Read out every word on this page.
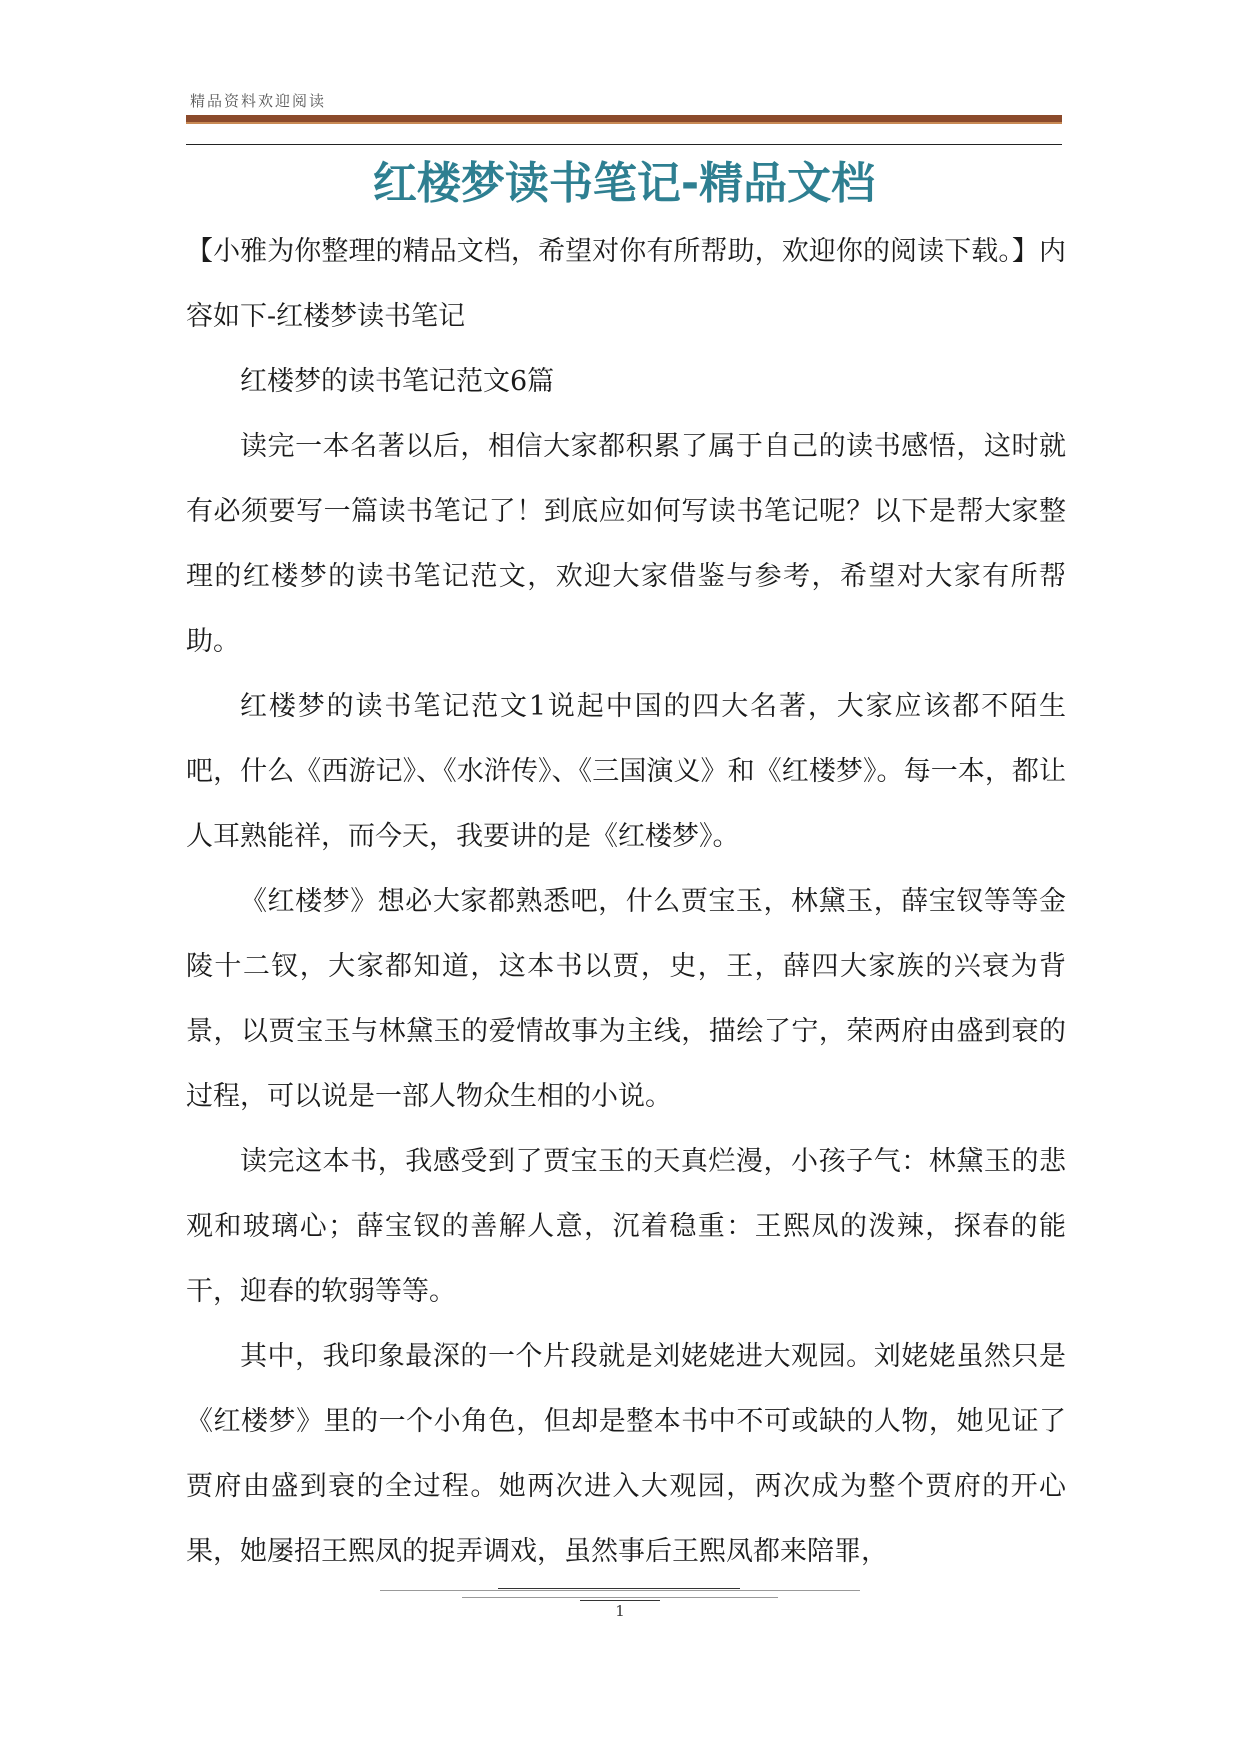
精品资料欢迎阅读
红楼梦读书笔记-精品文档

【小雅为你整理的精品文档，希望对你有所帮助，欢迎你的阅读下载。】内容如下-红楼梦读书笔记

红楼梦的读书笔记范文6篇

读完一本名著以后，相信大家都积累了属于自己的读书感悟，这时就有必须要写一篇读书笔记了！到底应如何写读书笔记呢？以下是帮大家整理的红楼梦的读书笔记范文，欢迎大家借鉴与参考，希望对大家有所帮助。

红楼梦的读书笔记范文1说起中国的四大名著，大家应该都不陌生吧，什么《西游记》、《水浒传》、《三国演义》和《红楼梦》。每一本，都让人耳熟能祥，而今天，我要讲的是《红楼梦》。

《红楼梦》想必大家都熟悉吧，什么贾宝玉，林黛玉，薛宝钗等等金陵十二钗，大家都知道，这本书以贾，史，王，薛四大家族的兴衰为背景，以贾宝玉与林黛玉的爱情故事为主线，描绘了宁，荣两府由盛到衰的过程，可以说是一部人物众生相的小说。

读完这本书，我感受到了贾宝玉的天真烂漫，小孩子气：林黛玉的悲观和玻璃心；薛宝钗的善解人意，沉着稳重：王熙凤的泼辣，探春的能干，迎春的软弱等等。

其中，我印象最深的一个片段就是刘姥姥进大观园。刘姥姥虽然只是《红楼梦》里的一个小角色，但却是整本书中不可或缺的人物，她见证了贾府由盛到衰的全过程。她两次进入大观园，两次成为整个贾府的开心果，她屡招王熙凤的捉弄调戏，虽然事后王熙凤都来陪罪，

1
